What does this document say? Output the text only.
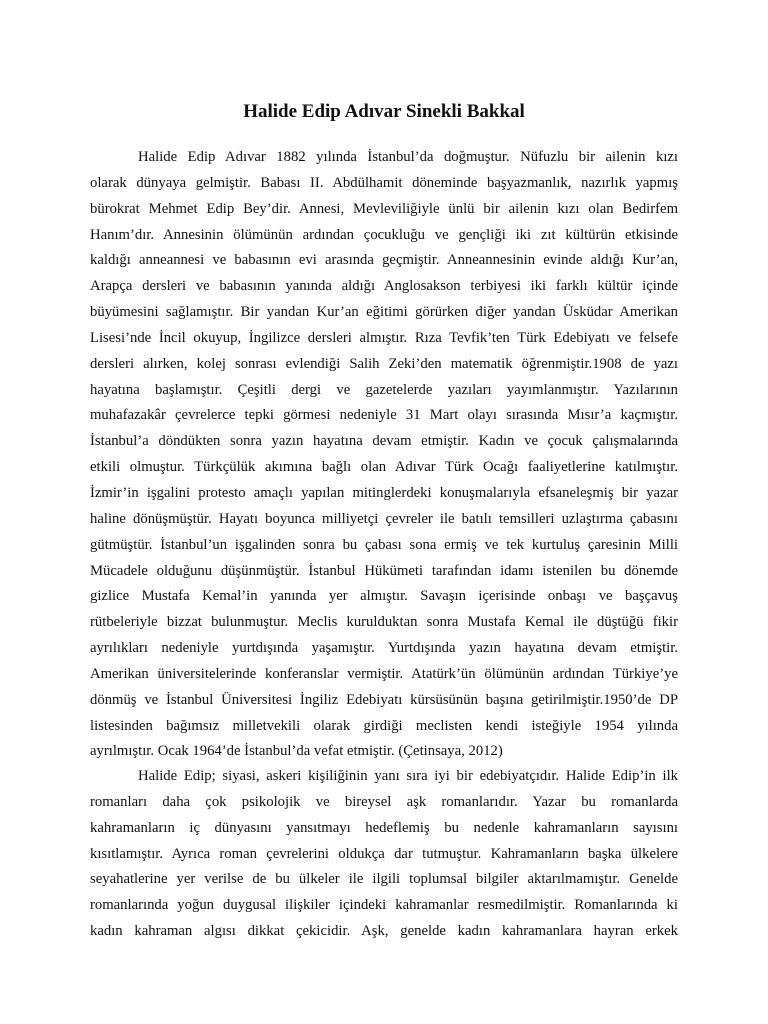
Halide Edip Adıvar Sinekli Bakkal
Halide Edip Adıvar 1882 yılında İstanbul’da doğmuştur. Nüfuzlu bir ailenin kızı
olarak dünyaya gelmiştir. Babası II. Abdülhamit döneminde başyazmanlık, nazırlık yapmış
bürokrat Mehmet Edip Bey’dir. Annesi, Mevleviliğiyle ünlü bir ailenin kızı olan Bedirfem
Hanım’dır. Annesinin ölümünün ardından çocukluğu ve gençliği iki zıt kültürün etkisinde
kaldığı anneannesi ve babasının evi arasında geçmiştir. Anneannesinin evinde aldığı Kur’an,
Arapça dersleri ve babasının yanında aldığı Anglosakson terbiyesi iki farklı kültür içinde
büyümesini sağlamıştır. Bir yandan Kur’an eğitimi görürken diğer yandan Üsküdar Amerikan
Lisesi’nde İncil okuyup, İngilizce dersleri almıştır. Rıza Tevfik’ten Türk Edebiyatı ve felsefe
dersleri alırken, kolej sonrası evlendiği Salih Zeki’den matematik öğrenmiştir.1908 de yazı
hayatına başlamıştır. Çeşitli dergi ve gazetelerde yazıları yayımlanmıştır. Yazılarının
muhafazakâr çevrelerce tepki görmesi nedeniyle 31 Mart olayı sırasında Mısır’a kaçmıştır.
İstanbul’a döndükten sonra yazın hayatına devam etmiştir. Kadın ve çocuk çalışmalarında
etkili olmuştur. Türkçülük akımına bağlı olan Adıvar Türk Ocağı faaliyetlerine katılmıştır.
İzmir’in işgalini protesto amaçlı yapılan mitinglerdeki konuşmalarıyla efsaneleşmiş bir yazar
haline dönüşmüştür. Hayatı boyunca milliyetçi çevreler ile batılı temsilleri uzlaştırma çabasını
gütmüştür. İstanbul’un işgalinden sonra bu çabası sona ermiş ve tek kurtuluş çaresinin Milli
Mücadele olduğunu düşünmüştür. İstanbul Hükümeti tarafından idamı istenilen bu dönemde
gizlice Mustafa Kemal’in yanında yer almıştır. Savaşın içerisinde onbaşı ve başçavuş
rütbeleriyle bizzat bulunmuştur. Meclis kurulduktan sonra Mustafa Kemal ile düştüğü fikir
ayrılıkları nedeniyle yurtdışında yaşamıştır. Yurtdışında yazın hayatına devam etmiştir.
Amerikan üniversitelerinde konferanslar vermiştir. Atatürk’ün ölümünün ardından Türkiye’ye
dönmüş ve İstanbul Üniversitesi İngiliz Edebiyatı kürsüsünün başına getirilmiştir.1950’de DP
listesinden bağımsız milletvekili olarak girdiği meclisten kendi isteğiyle 1954 yılında
ayrılmıştır. Ocak 1964’de İstanbul’da vefat etmiştir. (Çetinsaya, 2012)
Halide Edip; siyasi, askeri kişiliğinin yanı sıra iyi bir edebiyatçıdır. Halide Edip’in ilk
romanları daha çok psikolojik ve bireysel aşk romanlarıdır. Yazar bu romanlarda
kahramanların iç dünyasını yansıtmayı hedeflemiş bu nedenle kahramanların sayısını
kısıtlamıştır. Ayrıca roman çevrelerini oldukça dar tutmuştur. Kahramanların başka ülkelere
seyahatlerine yer verilse de bu ülkeler ile ilgili toplumsal bilgiler aktarılmamıştır. Genelde
romanlarında yoğun duygusal ilişkiler içindeki kahramanlar resmedilmiştir. Romanlarında ki
kadın kahraman algısı dikkat çekicidir. Aşk, genelde kadın kahramanlara hayran erkek
